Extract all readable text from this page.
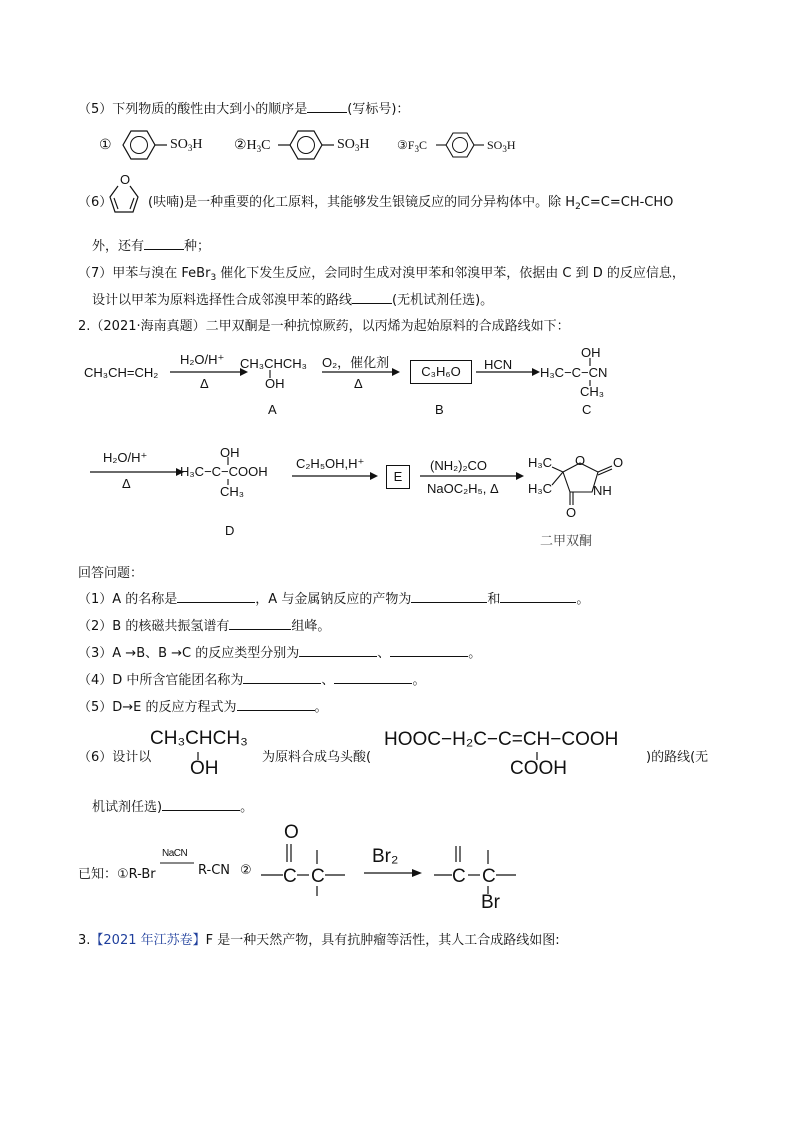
（5）下列物质的酸性由大到小的顺序是	(写标号)：
①	$SO_3H$ $②H_3C$	$SO_3H$ $③F_3C$	$SO_3H$
（6）
O
(呋喃)是一种重要的化工原料，其能够发生银镜反应的同分异构体中。除 $H_2C=C=CH$-CHO
外，还有	种；
（7）甲苯与溴在 FeBr$_3$ 催化下发生反应，会同时生成对溴甲苯和邻溴甲苯，依据由 C 到 D 的反应信息，
设计以甲苯为原料选择性合成邻溴甲苯的路线	(无机试剂任选)。
2.（2021·海南真题）二甲双酮是一种抗惊厥药，以丙烯为起始原料的合成路线如下：
CH₃CH=CH₂
H₂O/H⁺
Δ
CH₃CHCH₃
OH
A
O₂，催化剂
Δ
C₃H₆O
B
HCN
OH
H₃C−C−CN
CH₃
C
H₂O/H⁺
Δ
OH
H₃C−C−COOH
CH₃
D
C₂H₅OH,H⁺
E
(NH₂)₂CO
NaOC₂H₅, Δ
H₃C
H₃C
O O
NH
O
二甲双酮
回答问题：
（1）A 的名称是	，A 与金属钠反应的产物为	和	。
（2）B 的核磁共振氢谱有	组峰。
（3）A →B、B →C 的反应类型分别为	、	。
（4）D 中所含官能团名称为	、	。
（5）D→E 的反应方程式为	。
（6）设计以
CH₃CHCH₃
OH
为原料合成乌头酸(
HOOC−H₂C−C=CH−COOH
COOH
)的路线(无
机试剂任选)	。
已知：①R-Br
NaCN
R-CN ②
O
C C
Br₂
C C
Br
3.【2021 年江苏卷】F 是一种天然产物，具有抗肿瘤等活性，其人工合成路线如图:
